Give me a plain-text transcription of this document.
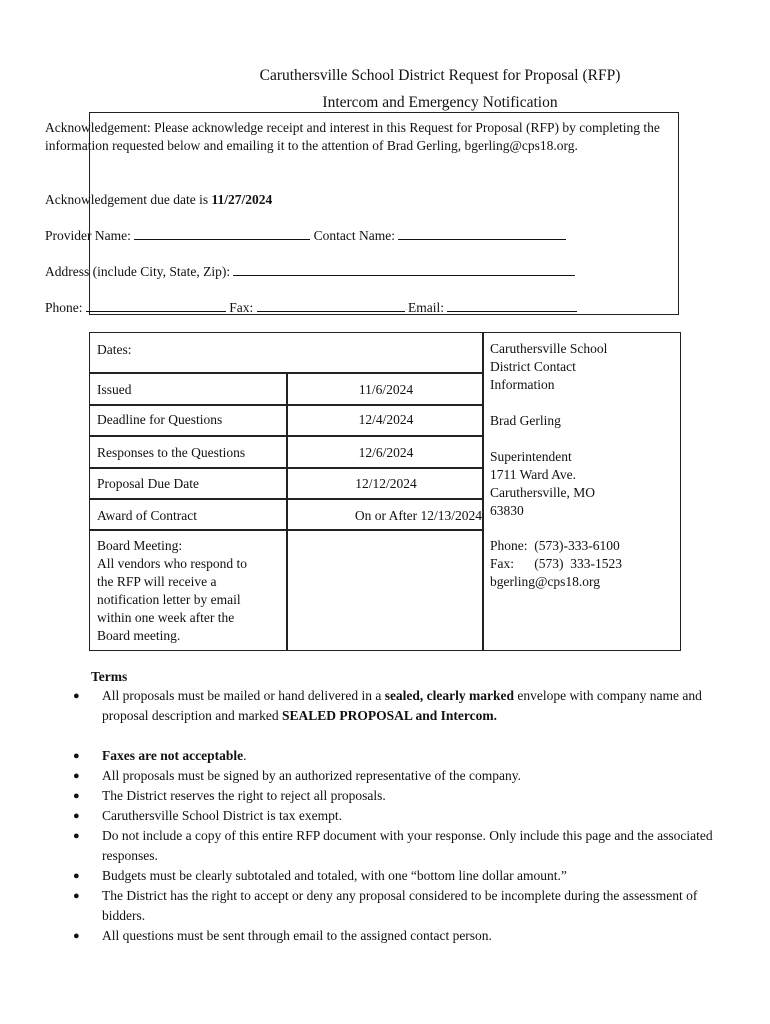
Caruthersville School District Request for Proposal (RFP)

Intercom and Emergency Notification

Acknowledgement: Please acknowledge receipt and interest in this Request for Proposal (RFP) by completing the information requested below and emailing it to the attention of Brad Gerling, bgerling@cps18.org.
Acknowledgement due date is 11/27/2024
Provider Name:	Contact Name:
Address (include City, State, Zip):
Phone:	Fax:	Email:
Dates:
Issued	11/6/2024
Deadline for Questions	12/4/2024
Responses to the Questions	12/6/2024
Proposal Due Date	12/12/2024
Award of Contract	On or After 12/13/2024
Board Meeting:
All vendors who respond to
the RFP will receive a
notification letter by email
within one week after the
Board meeting.
Caruthersville School
District Contact
Information
Brad Gerling
Superintendent
1711 Ward Ave.
Caruthersville, MO
63830
Phone:  (573)-333-6100
Fax:      (573)  333-1523
bgerling@cps18.org
Terms
● All proposals must be mailed or hand delivered in a sealed, clearly marked envelope with company name and proposal description and marked SEALED PROPOSAL and Intercom.
● Faxes are not acceptable.
● All proposals must be signed by an authorized representative of the company.
● The District reserves the right to reject all proposals.
● Caruthersville School District is tax exempt.
● Do not include a copy of this entire RFP document with your response. Only include this page and the associated responses.
● Budgets must be clearly subtotaled and totaled, with one “bottom line dollar amount.”
● The District has the right to accept or deny any proposal considered to be incomplete during the assessment of bidders.
● All questions must be sent through email to the assigned contact person.
